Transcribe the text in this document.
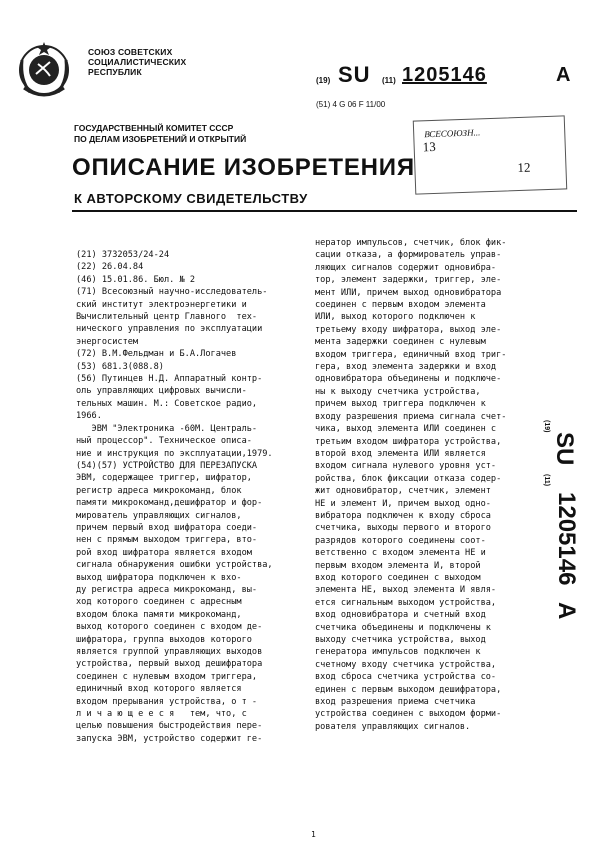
СОЮЗ СОВЕТСКИХ
СОЦИАЛИСТИЧЕСКИХ
РЕСПУБЛИК
(19) SU (11) 1205146	A
(51) 4 G 06 F 11/00
ВСЕСОЮЗН...
13
12
ГОСУДАРСТВЕННЫЙ КОМИТЕТ СССР
ПО ДЕЛАМ ИЗОБРЕТЕНИЙ И ОТКРЫТИЙ
ОПИСАНИЕ ИЗОБРЕТЕНИЯ
К АВТОРСКОМУ СВИДЕТЕЛЬСТВУ
(21) 3732053/24-24
(22) 26.04.84
(46) 15.01.86. Бюл. № 2
(71) Всесоюзный научно-исследователь-
ский институт электроэнергетики и
Вычислительный центр Главного  тех-
нического управления по эксплуатации
энергосистем
(72) В.М.Фельдман и Б.А.Логачев
(53) 681.3(088.8)
(56) Путинцев Н.Д. Аппаратный контр-
оль управляющих цифровых вычисли-
тельных машин. М.: Советское радио,
1966.
ЭВМ "Электроника -60М. Централь-
ный процессор". Техническое описа-
ние и инструкция по эксплуатации,1979.
(54)(57) УСТРОЙСТВО ДЛЯ ПЕРЕЗАПУСКА
ЭВМ, содержащее триггер, шифратор,
регистр адреса микрокоманд, блок
памяти микрокоманд,дешифратор и фор-
мирователь управляющих сигналов,
причем первый вход шифратора соеди-
нен с прямым выходом триггера, вто-
рой вход шифратора является входом
сигнала обнаружения ошибки устройства,
выход шифратора подключен к вхо-
ду регистра адреса микрокоманд, вы-
ход которого соединен с адресным
входом блока памяти микрокоманд,
выход которого соединен с входом де-
шифратора, группа выходов которого
является группой управляющих выходов
устройства, первый выход дешифратора
соединен с нулевым входом триггера,
единичный вход которого является
входом прерывания устройства, о т -
л и ч а ю щ е е с я   тем, что, с
целью повышения быстродействия пере-
запуска ЭВМ, устройство содержит ге-
нератор импульсов, счетчик, блок фик-
сации отказа, а формирователь управ-
ляющих сигналов содержит одновибра-
тор, элемент задержки, триггер, эле-
мент ИЛИ, причем выход одновибратора
соединен с первым входом элемента
ИЛИ, выход которого подключен к
третьему входу шифратора, выход эле-
мента задержки соединен с нулевым
входом триггера, единичный вход триг-
гера, вход элемента задержки и вход
одновибратора объединены и подключе-
ны к выходу счетчика устройства,
причем выход триггера подключен к
входу разрешения приема сигнала счет-
чика, выход элемента ИЛИ соединен с
третьим входом шифратора устройства,
второй вход элемента ИЛИ является
входом сигнала нулевого уровня уст-
ройства, блок фиксации отказа содер-
жит одновибратор, счетчик, элемент
НЕ и элемент И, причем выход одно-
вибратора подключен к входу сброса
счетчика, выходы первого и второго
разрядов которого соединены соот-
ветственно с входом элемента НЕ и
первым входом элемента И, второй
вход которого соединен с выходом
элемента НЕ, выход элемента И явля-
ется сигнальным выходом устройства,
вход одновибратора и счетный вход
счетчика объединены и подключены к
выходу счетчика устройства, выход
генератора импульсов подключен к
счетному входу счетчика устройства,
вход сброса счетчика устройства со-
единен с первым выходом дешифратора,
вход разрешения приема счетчика
устройства соединен с выходом форми-
рователя управляющих сигналов.
(19)
SU
(11)
1205146
A
1
